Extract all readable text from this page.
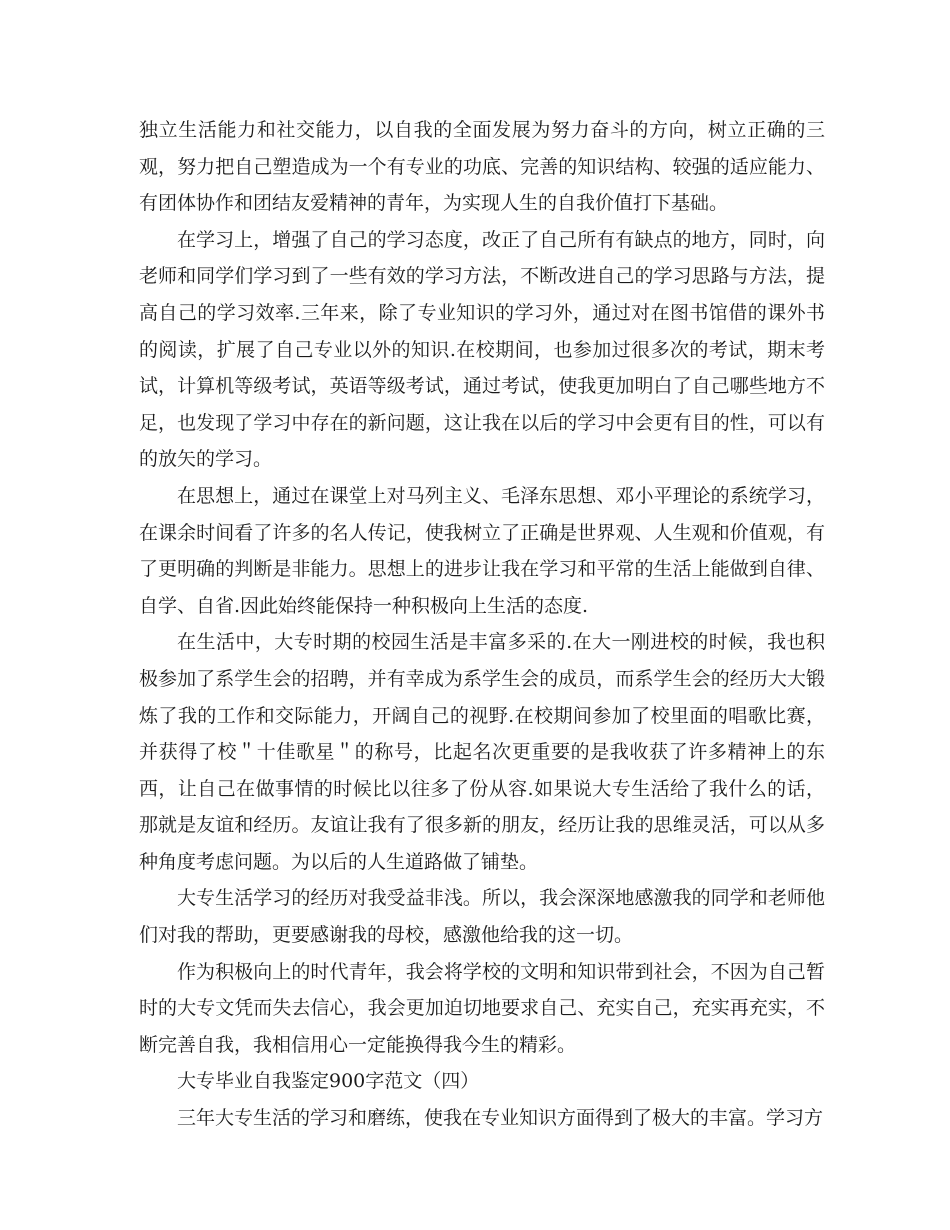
独立生活能力和社交能力，以自我的全面发展为努力奋斗的方向，树立正确的三观，努力把自己塑造成为一个有专业的功底、完善的知识结构、较强的适应能力、有团体协作和团结友爱精神的青年，为实现人生的自我价值打下基础。

在学习上，增强了自己的学习态度，改正了自己所有有缺点的地方，同时，向老师和同学们学习到了一些有效的学习方法，不断改进自己的学习思路与方法，提高自己的学习效率.三年来，除了专业知识的学习外，通过对在图书馆借的课外书的阅读，扩展了自己专业以外的知识.在校期间，也参加过很多次的考试，期末考试，计算机等级考试，英语等级考试，通过考试，使我更加明白了自己哪些地方不足，也发现了学习中存在的新问题，这让我在以后的学习中会更有目的性，可以有的放矢的学习。

在思想上，通过在课堂上对马列主义、毛泽东思想、邓小平理论的系统学习，在课余时间看了许多的名人传记，使我树立了正确是世界观、人生观和价值观，有了更明确的判断是非能力。思想上的进步让我在学习和平常的生活上能做到自律、自学、自省.因此始终能保持一种积极向上生活的态度.

在生活中，大专时期的校园生活是丰富多采的.在大一刚进校的时候，我也积极参加了系学生会的招聘，并有幸成为系学生会的成员，而系学生会的经历大大锻炼了我的工作和交际能力，开阔自己的视野.在校期间参加了校里面的唱歌比赛，并获得了校＂十佳歌星＂的称号，比起名次更重要的是我收获了许多精神上的东西，让自己在做事情的时候比以往多了份从容.如果说大专生活给了我什么的话，那就是友谊和经历。友谊让我有了很多新的朋友，经历让我的思维灵活，可以从多种角度考虑问题。为以后的人生道路做了铺垫。

大专生活学习的经历对我受益非浅。所以，我会深深地感激我的同学和老师他们对我的帮助，更要感谢我的母校，感激他给我的这一切。

作为积极向上的时代青年，我会将学校的文明和知识带到社会，不因为自己暂时的大专文凭而失去信心，我会更加迫切地要求自己、充实自己，充实再充实，不断完善自我，我相信用心一定能换得我今生的精彩。

大专毕业自我鉴定900字范文（四）

三年大专生活的学习和磨练，使我在专业知识方面得到了极大的丰富。学习方
